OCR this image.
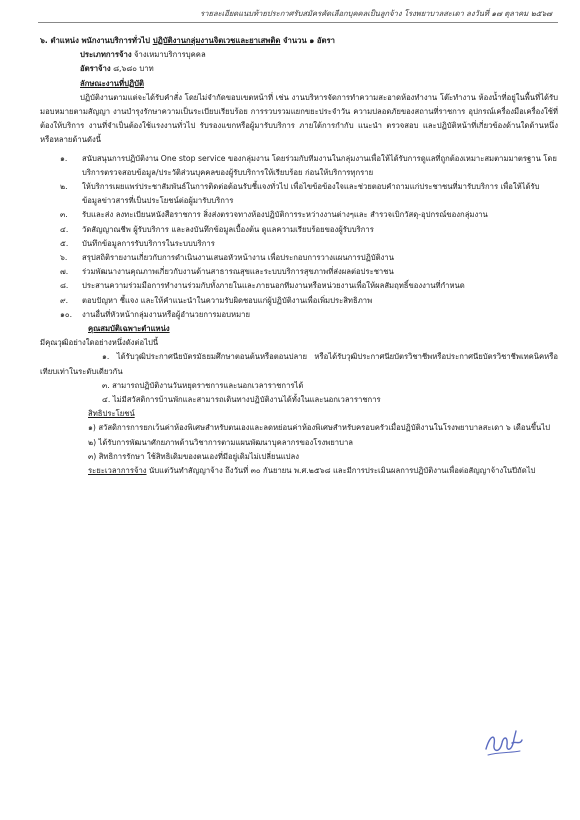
รายละเอียดแนบท้ายประกาศรับสมัครคัดเลือกบุคคลเป็นลูกจ้าง โรงพยาบาลสะเดา ลงวันที่ ๑๗ ตุลาคม ๒๕๖๗
๖. ตำแหน่ง พนักงานบริการทั่วไป ปฏิบัติงานกลุ่มงานจิตเวชและยาเสพติด จำนวน ๑ อัตรา
ประเภทการจ้าง จ้างเหมาบริการบุคคล
อัตราจ้าง ๘,๖๘๐ บาท
ลักษณะงานที่ปฏิบัติ
ปฏิบัติงานตามแต่จะได้รับคำสั่ง โดยไม่จำกัดขอบเขตหน้าที่ เช่น งานบริหารจัดการทำความสะอาดห้องทำงาน โต๊ะทำงาน ห้องน้ำที่อยู่ในพื้นที่ได้รับมอบหมายตามสัญญา งานบำรุงรักษาความเป็นระเบียบเรียบร้อย การรวบรวมแยกขยะประจำวัน ความปลอดภัยของสถานที่ราชการ อุปกรณ์เครื่องมือเครื่องใช้ที่ต้องให้บริการ งานที่จำเป็นต้องใช้แรงงานทั่วไป รับรองแขกหรือผู้มารับบริการ ภายใต้การกำกับ แนะนำ ตรวจสอบ และปฏิบัติหน้าที่เกี่ยวข้องด้านใดด้านหนึ่งหรือหลายด้านดังนี้
๑.	สนับสนุนการปฏิบัติงาน One stop service ของกลุ่มงาน โดยร่วมกับทีมงานในกลุ่มงานเพื่อให้ได้รับการดูแลที่ถูกต้องเหมาะสมตามมาตรฐาน โดยบริการตรวจสอบข้อมูล/ประวัติส่วนบุคคลของผู้รับบริการให้เรียบร้อย ก่อนให้บริการทุกราย
๒.	ให้บริการเผยแพร่ประชาสัมพันธ์ในการติดต่อต้อนรับชี้แจงทั่วไป เพื่อไขข้อข้องใจและช่วยตอบคำถามแก่ประชาชนที่มารับบริการ เพื่อให้ได้รับข้อมูลข่าวสารที่เป็นประโยชน์ต่อผู้มารับบริการ
๓.	รับและส่ง ลงทะเบียนหนังสือราชการ สิ่งส่งตรวจทางห้องปฏิบัติการระหว่างงานต่างๆและ สำรวจเบิกวัสดุ-อุปกรณ์ของกลุ่มงาน
๔.	วัดสัญญาณชีพ ผู้รับบริการ และลงบันทึกข้อมูลเบื้องต้น ดูแลความเรียบร้อยของผู้รับบริการ
๕.	บันทึกข้อมูลการรับบริการในระบบบริการ
๖.	สรุปสถิติรายงานเกี่ยวกับการดำเนินงานเสนอหัวหน้างาน เพื่อประกอบการวางแผนการปฏิบัติงาน
๗.	ร่วมพัฒนางานคุณภาพเกี่ยวกับงานด้านสาธารณสุขและระบบบริการสุขภาพที่ส่งผลต่อประชาชน
๘.	ประสานความร่วมมือการทำงานร่วมกับทั้งภายในและภายนอกทีมงานหรือหน่วยงานเพื่อให้ผลสัมฤทธิ์ของงานที่กำหนด
๙.	ตอบปัญหา ชี้แจง และให้คำแนะนำในความรับผิดชอบแก่ผู้ปฏิบัติงานเพื่อเพิ่มประสิทธิภาพ
๑๐.	งานอื่นที่หัวหน้ากลุ่มงานหรือผู้อำนวยการมอบหมาย
คุณสมบัติเฉพาะตำแหน่ง
มีคุณวุฒิอย่างใดอย่างหนึ่งดังต่อไปนี้
๑. ได้รับวุฒิประกาศนียบัตรมัธยมศึกษาตอนต้นหรือตอนปลาย หรือได้รับวุฒิประกาศนียบัตรวิชาชีพหรือประกาศนียบัตรวิชาชีพเทคนิคหรือเทียบเท่าในระดับเดียวกัน
๓. สามารถปฏิบัติงานวันหยุดราชการและนอกเวลาราชการได้
๔. ไม่มีสวัสดิการบ้านพักและสามารถเดินทางปฏิบัติงานได้ทั้งในและนอกเวลาราชการ
สิทธิประโยชน์
๑) สวัสดิการการยกเว้นค่าห้องพิเศษสำหรับตนเองและลดหย่อนค่าห้องพิเศษสำหรับครอบครัวเมื่อปฏิบัติงานในโรงพยาบาลสะเดา ๖ เดือนขึ้นไป
๒) ได้รับการพัฒนาศักยภาพด้านวิชาการตามแผนพัฒนาบุคลากรของโรงพยาบาล
๓) สิทธิการรักษา ใช้สิทธิเดิมของตนเองที่มีอยู่เดิมไม่เปลี่ยนแปลง
ระยะเวลาการจ้าง นับแต่วันทำสัญญาจ้าง ถึงวันที่ ๓๐ กันยายน พ.ศ.๒๕๖๘ และมีการประเมินผลการปฏิบัติงานเพื่อต่อสัญญาจ้างในปีถัดไป
